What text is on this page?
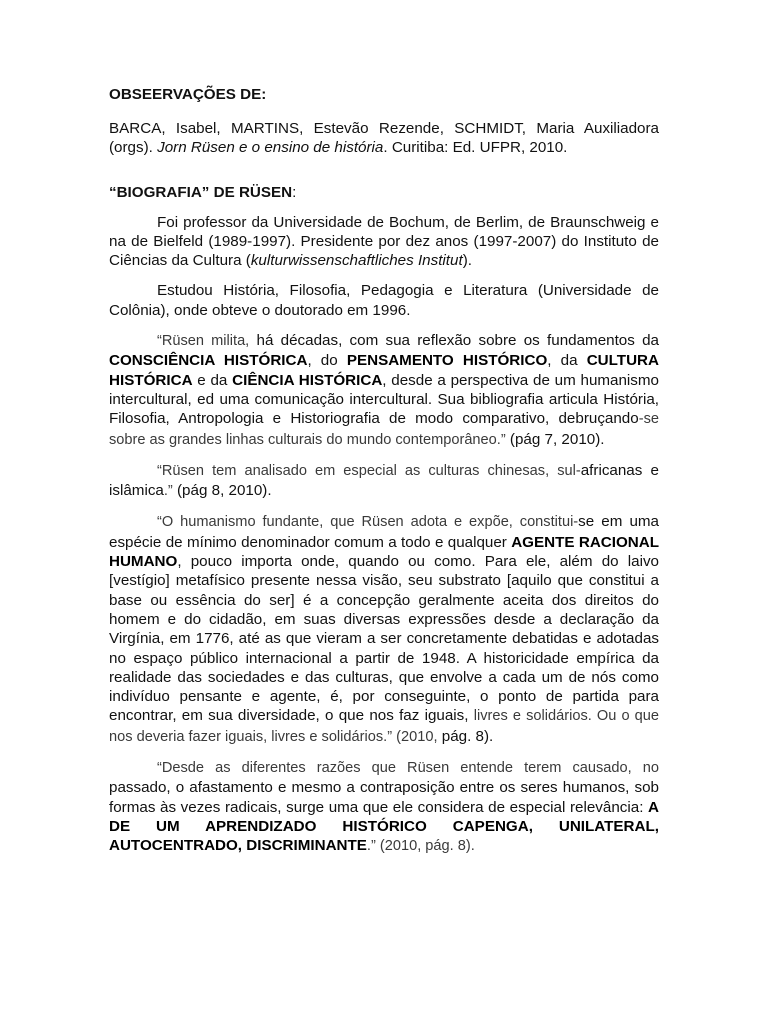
OBSEERVAÇÕES DE:

BARCA, Isabel, MARTINS, Estevão Rezende, SCHMIDT, Maria Auxiliadora (orgs). Jorn Rüsen e o ensino de história. Curitiba: Ed. UFPR, 2010.

“BIOGRAFIA” DE RÜSEN:

Foi professor da Universidade de Bochum, de Berlim, de Braunschweig e na de Bielfeld (1989-1997). Presidente por dez anos (1997-2007) do Instituto de Ciências da Cultura (kulturwissenschaftliches Institut).

Estudou História, Filosofia, Pedagogia e Literatura (Universidade de Colônia), onde obteve o doutorado em 1996.

“Rüsen milita, há décadas, com sua reflexão sobre os fundamentos da CONSCIÊNCIA HISTÓRICA, do PENSAMENTO HISTÓRICO, da CULTURA HISTÓRICA e da CIÊNCIA HISTÓRICA, desde a perspectiva de um humanismo intercultural, ed uma comunicação intercultural. Sua bibliografia articula História, Filosofia, Antropologia e Historiografia de modo comparativo, debruçando-se sobre as grandes linhas culturais do mundo contemporâneo.” (pág 7, 2010).

“Rüsen tem analisado em especial as culturas chinesas, sul-africanas e islâmica.” (pág 8, 2010).

“O humanismo fundante, que Rüsen adota e expõe, constitui-se em uma espécie de mínimo denominador comum a todo e qualquer AGENTE RACIONAL HUMANO, pouco importa onde, quando ou como. Para ele, além do laivo [vestígio] metafísico presente nessa visão, seu substrato [aquilo que constitui a base ou essência do ser] é a concepção geralmente aceita dos direitos do homem e do cidadão, em suas diversas expressões desde a declaração da Virgínia, em 1776, até as que vieram a ser concretamente debatidas e adotadas no espaço público internacional a partir de 1948. A historicidade empírica da realidade das sociedades e das culturas, que envolve a cada um de nós como indivíduo pensante e agente, é, por conseguinte, o ponto de partida para encontrar, em sua diversidade, o que nos faz iguais, livres e solidários. Ou o que nos deveria fazer iguais, livres e solidários.” (2010, pág. 8).

“Desde as diferentes razões que Rüsen entende terem causado, no passado, o afastamento e mesmo a contraposição entre os seres humanos, sob formas às vezes radicais, surge uma que ele considera de especial relevância: A DE UM APRENDIZADO HISTÓRICO CAPENGA, UNILATERAL, AUTOCENTRADO, DISCRIMINANTE.” (2010, pág. 8).
